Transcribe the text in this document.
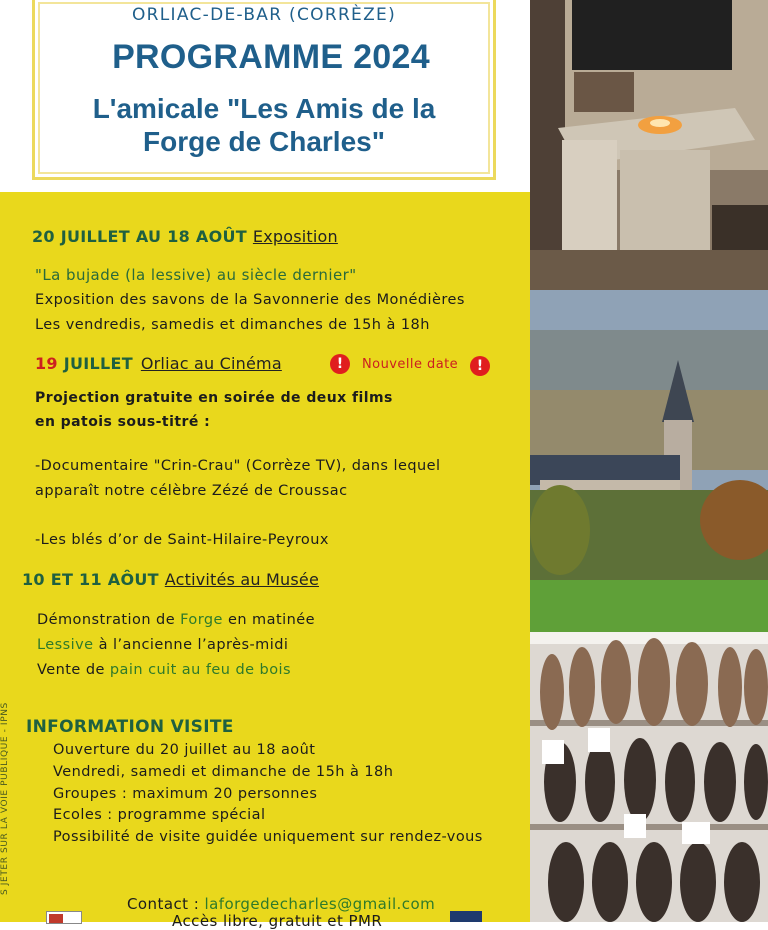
ORLIAC-DE-BAR (CORRÈZE)
PROGRAMME 2024
L'amicale "Les Amis de la
Forge de Charles"
20 JUILLET AU 18 AOÛT Exposition
"La bujade (la lessive) au siècle dernier"
Exposition des savons de la Savonnerie des Monédières
Les vendredis, samedis et dimanches de 15h à 18h
19 JUILLET Orliac au Cinéma	!	Nouvelle date	!
Projection gratuite en soirée de deux films
en patois sous-titré :
-Documentaire "Crin-Crau" (Corrèze TV), dans lequel
apparaît notre célèbre Zézé de Croussac
-Les blés d’or de Saint-Hilaire-Peyroux
10 ET 11 AÔUT Activités au Musée
Démonstration de Forge en matinée
Lessive à l’ancienne l’après-midi
Vente de pain cuit au feu de bois
INFORMATION VISITE
Ouverture du 20 juillet au 18 août
Vendredi, samedi et dimanche de 15h à 18h
Groupes : maximum 20 personnes
Ecoles : programme spécial
Possibilité de visite guidée uniquement sur rendez-vous
Contact : laforgedecharles@gmail.com
Accès libre, gratuit et PMR
S JETER SUR LA VOIE PUBLIQUE - IPNS
